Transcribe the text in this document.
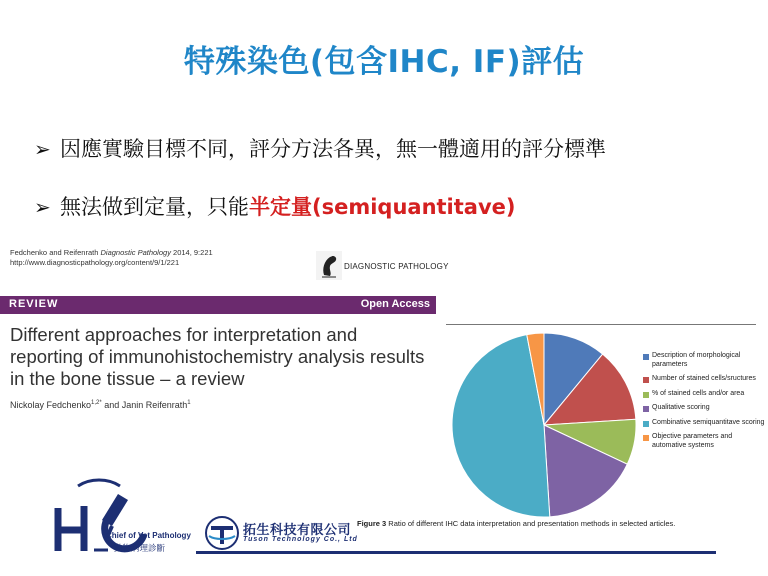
特殊染色(包含IHC, IF)評估
➢ 因應實驗目標不同，評分方法各異，無一體適用的評分標準
➢ 無法做到定量，只能半定量(semiquantitave)
Fedchenko and Reifenrath Diagnostic Pathology 2014, 9:221
http://www.diagnosticpathology.org/content/9/1/221	DIAGNOSTIC PATHOLOGY
REVIEW	Open Access
Different approaches for interpretation and reporting of immunohistochemistry analysis results in the bone tissue – a review
Nickolay Fedchenko$^{1,2*}$ and Janin Reifenrath$^1$
Description of morphological parameters
Number of stained cells/sructures
% of stained cells and/or area
Qualitative scoring
Combinative semiquantitave scoring
Objective parameters and automative systems
Figure 3 Ratio of different IHC data interpretation and presentation methods in selected articles.
Chief of Vet Pathology
動物病理診斷
拓生科技有限公司
Tuson Technology Co., Ltd
